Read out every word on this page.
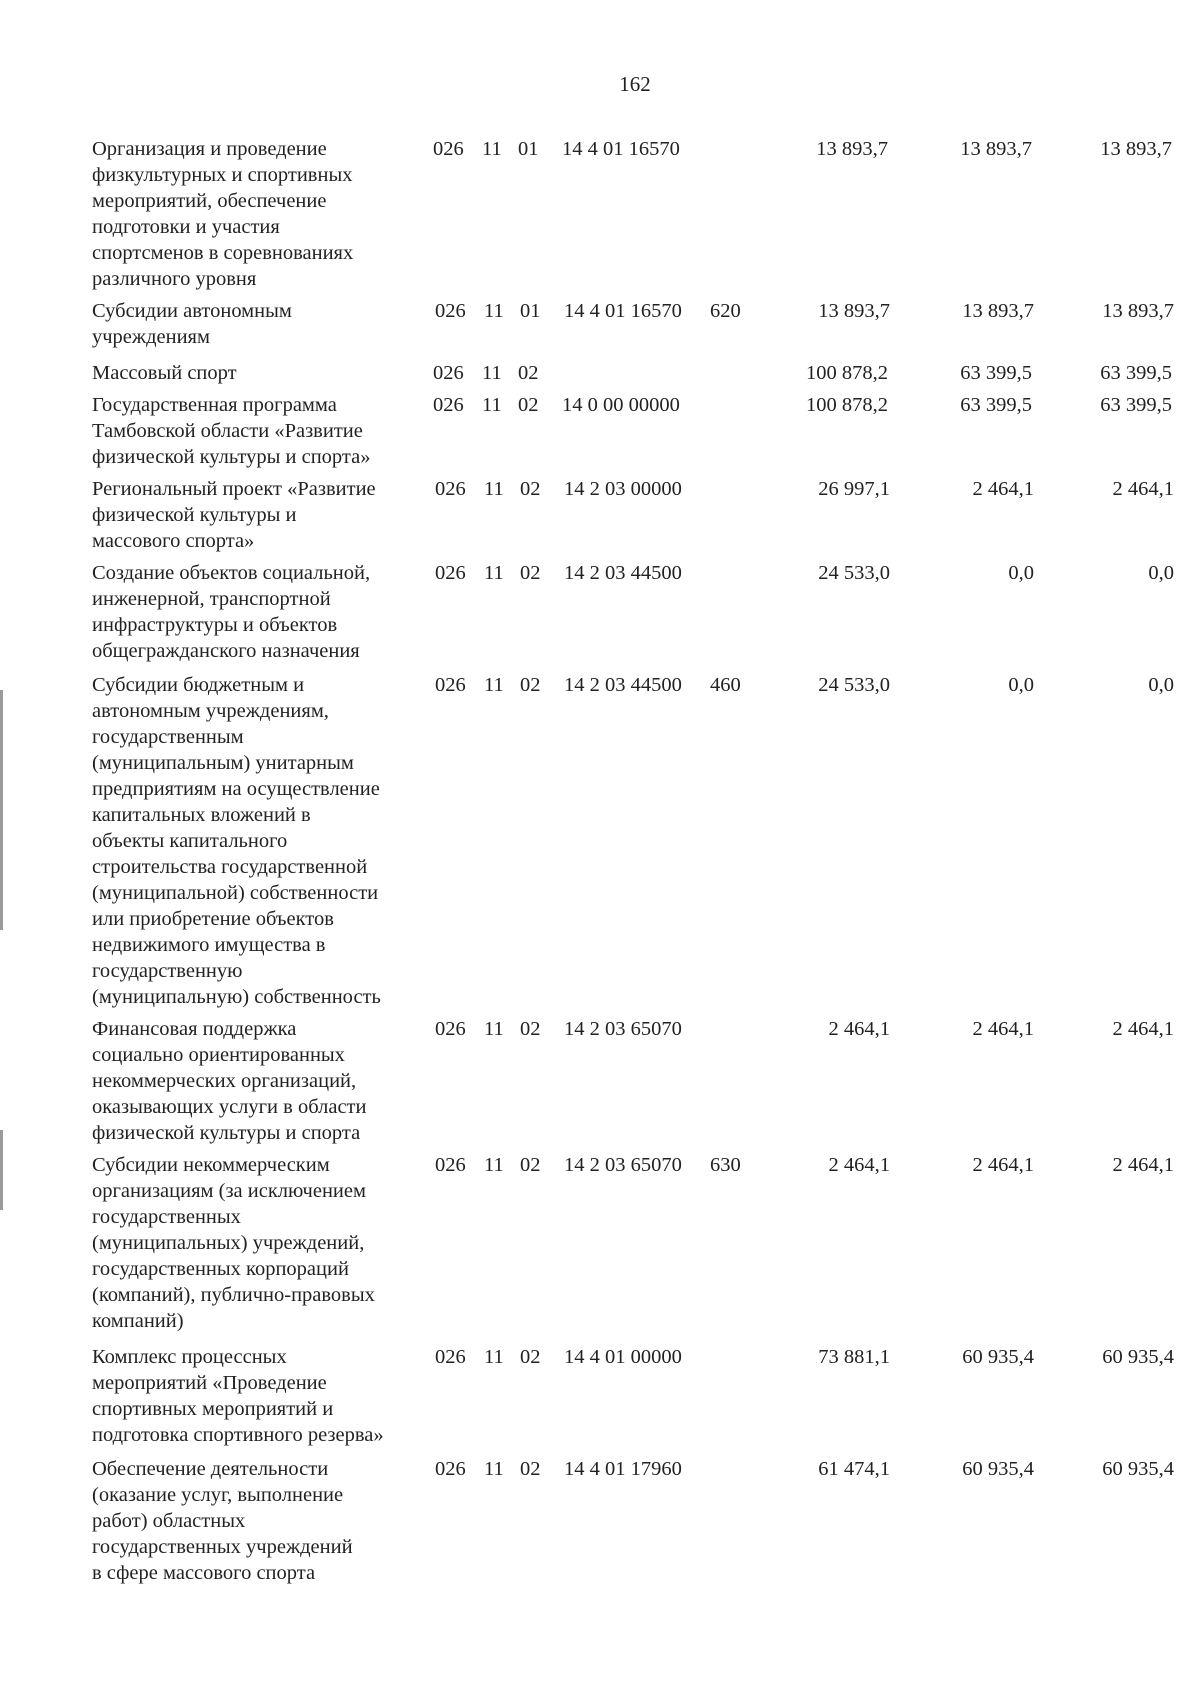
162
Организация и проведение
физкультурных и спортивных
мероприятий, обеспечение
подготовки и участия
спортсменов в соревнованиях
различного уровня
026 11 01 14 4 01 16570	13 893,7	13 893,7	13 893,7
Субсидии автономным
учреждениям
026 11 01 14 4 01 16570 620	13 893,7	13 893,7	13 893,7
Массовый спорт	026 11 02	100 878,2	63 399,5	63 399,5
Государственная программа
Тамбовской области «Развитие
физической культуры и спорта»
026 11 02 14 0 00 00000	100 878,2	63 399,5	63 399,5
Региональный проект «Развитие
физической культуры и
массового спорта»
026 11 02 14 2 03 00000	26 997,1	2 464,1	2 464,1
Создание объектов социальной,
инженерной, транспортной
инфраструктуры и объектов
общегражданского назначения
026 11 02 14 2 03 44500	24 533,0	0,0	0,0
Субсидии бюджетным и
автономным учреждениям,
государственным
(муниципальным) унитарным
предприятиям на осуществление
капитальных вложений в
объекты капитального
строительства государственной
(муниципальной) собственности
или приобретение объектов
недвижимого имущества в
государственную
(муниципальную) собственность
026 11 02 14 2 03 44500 460	24 533,0	0,0	0,0
Финансовая поддержка
социально ориентированных
некоммерческих организаций,
оказывающих услуги в области
физической культуры и спорта
026 11 02 14 2 03 65070	2 464,1	2 464,1	2 464,1
Субсидии некоммерческим
организациям (за исключением
государственных
(муниципальных) учреждений,
государственных корпораций
(компаний), публично-правовых
компаний)
026 11 02 14 2 03 65070 630	2 464,1	2 464,1	2 464,1
Комплекс процессных
мероприятий «Проведение
спортивных мероприятий и
подготовка спортивного резерва»
026 11 02 14 4 01 00000	73 881,1	60 935,4	60 935,4
Обеспечение деятельности
(оказание услуг, выполнение
работ) областных
государственных учреждений
в сфере массового спорта
026 11 02 14 4 01 17960	61 474,1	60 935,4	60 935,4
